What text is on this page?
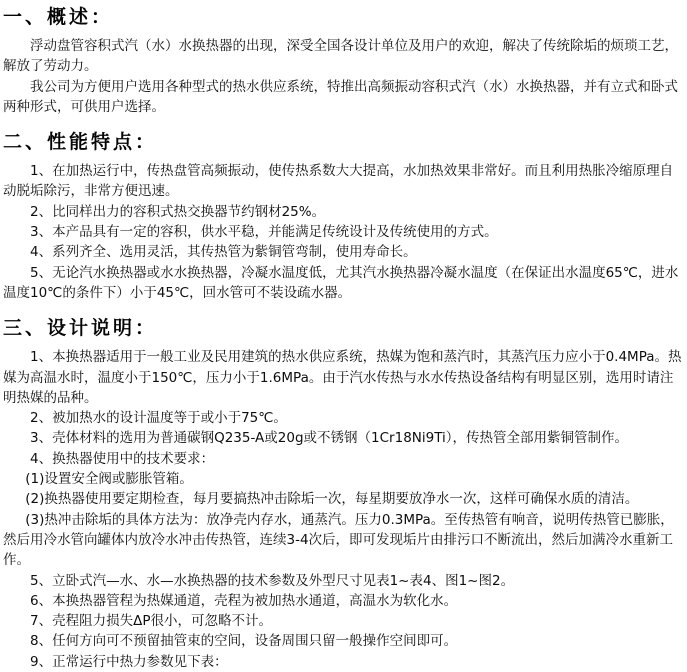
一、概述：

浮动盘管容积式汽（水）水换热器的出现，深受全国各设计单位及用户的欢迎，解决了传统除垢的烦琐工艺，解放了劳动力。

我公司为方便用户选用各种型式的热水供应系统，特推出高频振动容积式汽（水）水换热器，并有立式和卧式两种形式，可供用户选择。

二、性能特点：

1、在加热运行中，传热盘管高频振动，使传热系数大大提高，水加热效果非常好。而且利用热胀冷缩原理自动脱垢除污，非常方便迅速。

2、比同样出力的容积式热交换器节约钢材25%。

3、本产品具有一定的容积，供水平稳，并能满足传统设计及传统使用的方式。

4、系列齐全、选用灵活，其传热管为紫铜管弯制，使用寿命长。

5、无论汽水换热器或水水换热器，冷凝水温度低，尤其汽水换热器冷凝水温度（在保证出水温度65℃，进水温度10℃的条件下）小于45℃，回水管可不装设疏水器。

三、设计说明：

1、本换热器适用于一般工业及民用建筑的热水供应系统，热媒为饱和蒸汽时，其蒸汽压力应小于0.4MPa。热媒为高温水时，温度小于150℃，压力小于1.6MPa。由于汽水传热与水水传热设备结构有明显区别，选用时请注明热媒的品种。

2、被加热水的设计温度等于或小于75℃。

3、壳体材料的选用为普通碳钢Q235-A或20g或不锈钢（1Cr18Ni9Ti），传热管全部用紫铜管制作。

4、换热器使用中的技术要求：

(1)设置安全阀或膨胀管箱。

(2)换热器使用要定期检查，每月要搞热冲击除垢一次，每星期要放净水一次，这样可确保水质的清洁。

(3)热冲击除垢的具体方法为：放净壳内存水，通蒸汽。压力0.3MPa。至传热管有响音，说明传热管已膨胀，然后用冷水管向罐体内放冷水冲击传热管，连续3-4次后，即可发现垢片由排污口不断流出，然后加满冷水重新工作。

5、立卧式汽—水、水—水换热器的技术参数及外型尺寸见表1~表4、图1~图2。

6、本换热器管程为热媒通道，壳程为被加热水通道，高温水为软化水。

7、壳程阻力损失ΔP很小，可忽略不计。

8、任何方向可不预留抽管束的空间，设备周围只留一般操作空间即可。

9、正常运行中热力参数见下表：
